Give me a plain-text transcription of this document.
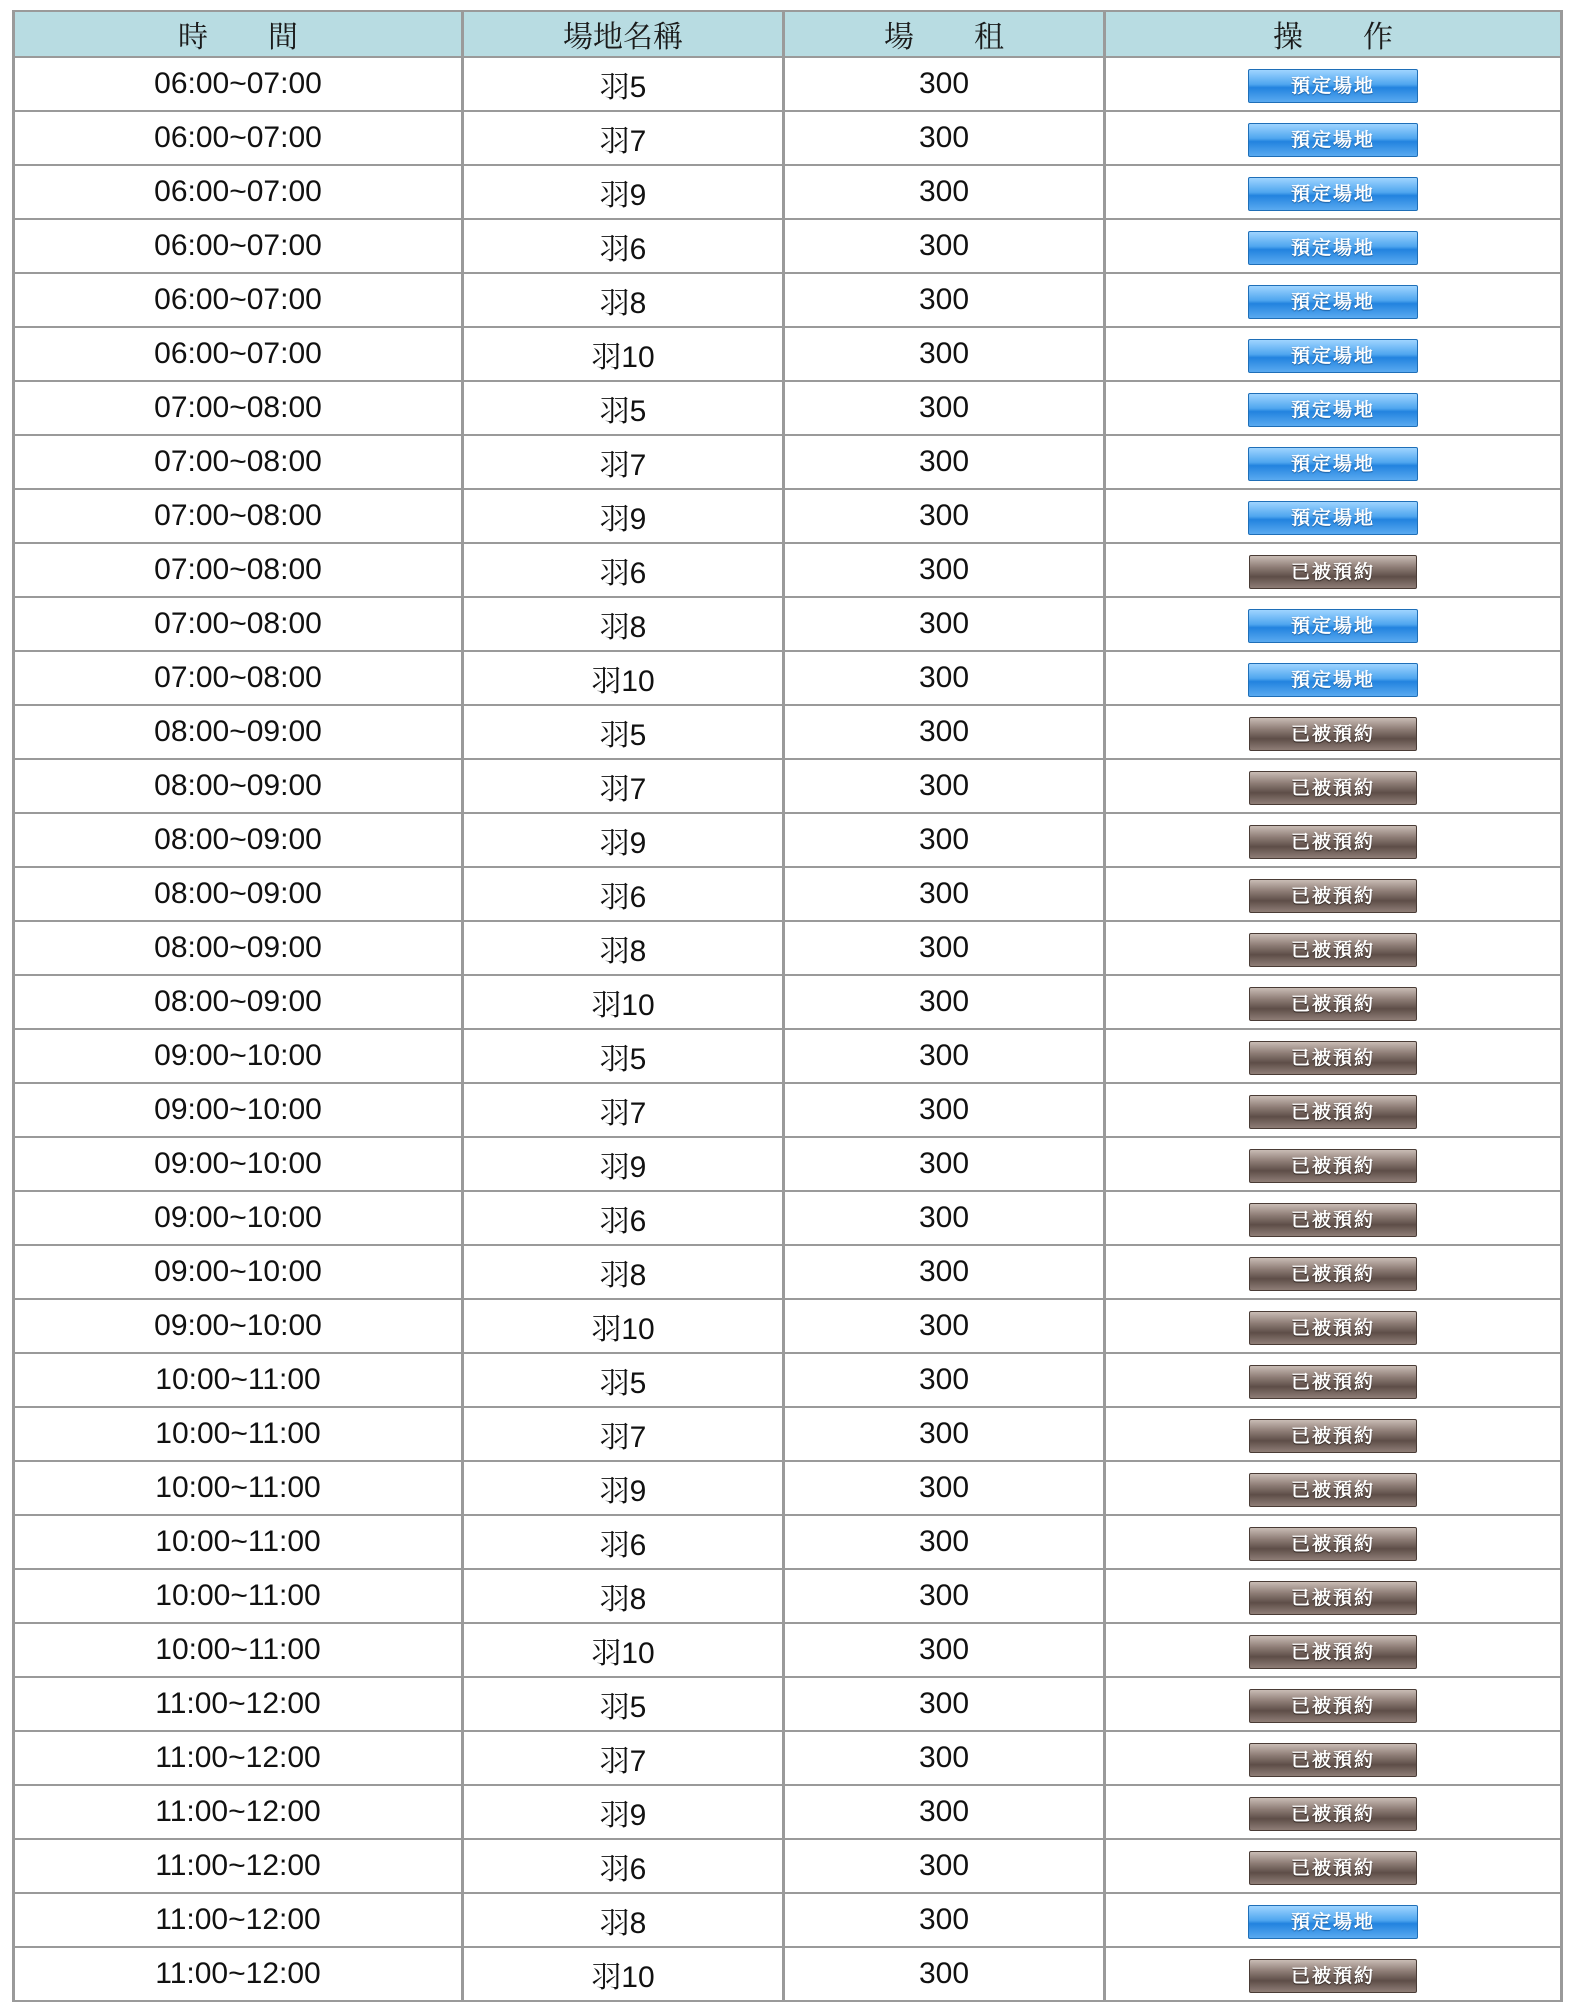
時　　間	場地名稱	場　　租	操　　作
06:00~07:00	羽5	300	預定場地
06:00~07:00	羽7	300	預定場地
06:00~07:00	羽9	300	預定場地
06:00~07:00	羽6	300	預定場地
06:00~07:00	羽8	300	預定場地
06:00~07:00	羽10	300	預定場地
07:00~08:00	羽5	300	預定場地
07:00~08:00	羽7	300	預定場地
07:00~08:00	羽9	300	預定場地
07:00~08:00	羽6	300	已被預約
07:00~08:00	羽8	300	預定場地
07:00~08:00	羽10	300	預定場地
08:00~09:00	羽5	300	已被預約
08:00~09:00	羽7	300	已被預約
08:00~09:00	羽9	300	已被預約
08:00~09:00	羽6	300	已被預約
08:00~09:00	羽8	300	已被預約
08:00~09:00	羽10	300	已被預約
09:00~10:00	羽5	300	已被預約
09:00~10:00	羽7	300	已被預約
09:00~10:00	羽9	300	已被預約
09:00~10:00	羽6	300	已被預約
09:00~10:00	羽8	300	已被預約
09:00~10:00	羽10	300	已被預約
10:00~11:00	羽5	300	已被預約
10:00~11:00	羽7	300	已被預約
10:00~11:00	羽9	300	已被預約
10:00~11:00	羽6	300	已被預約
10:00~11:00	羽8	300	已被預約
10:00~11:00	羽10	300	已被預約
11:00~12:00	羽5	300	已被預約
11:00~12:00	羽7	300	已被預約
11:00~12:00	羽9	300	已被預約
11:00~12:00	羽6	300	已被預約
11:00~12:00	羽8	300	預定場地
11:00~12:00	羽10	300	已被預約
